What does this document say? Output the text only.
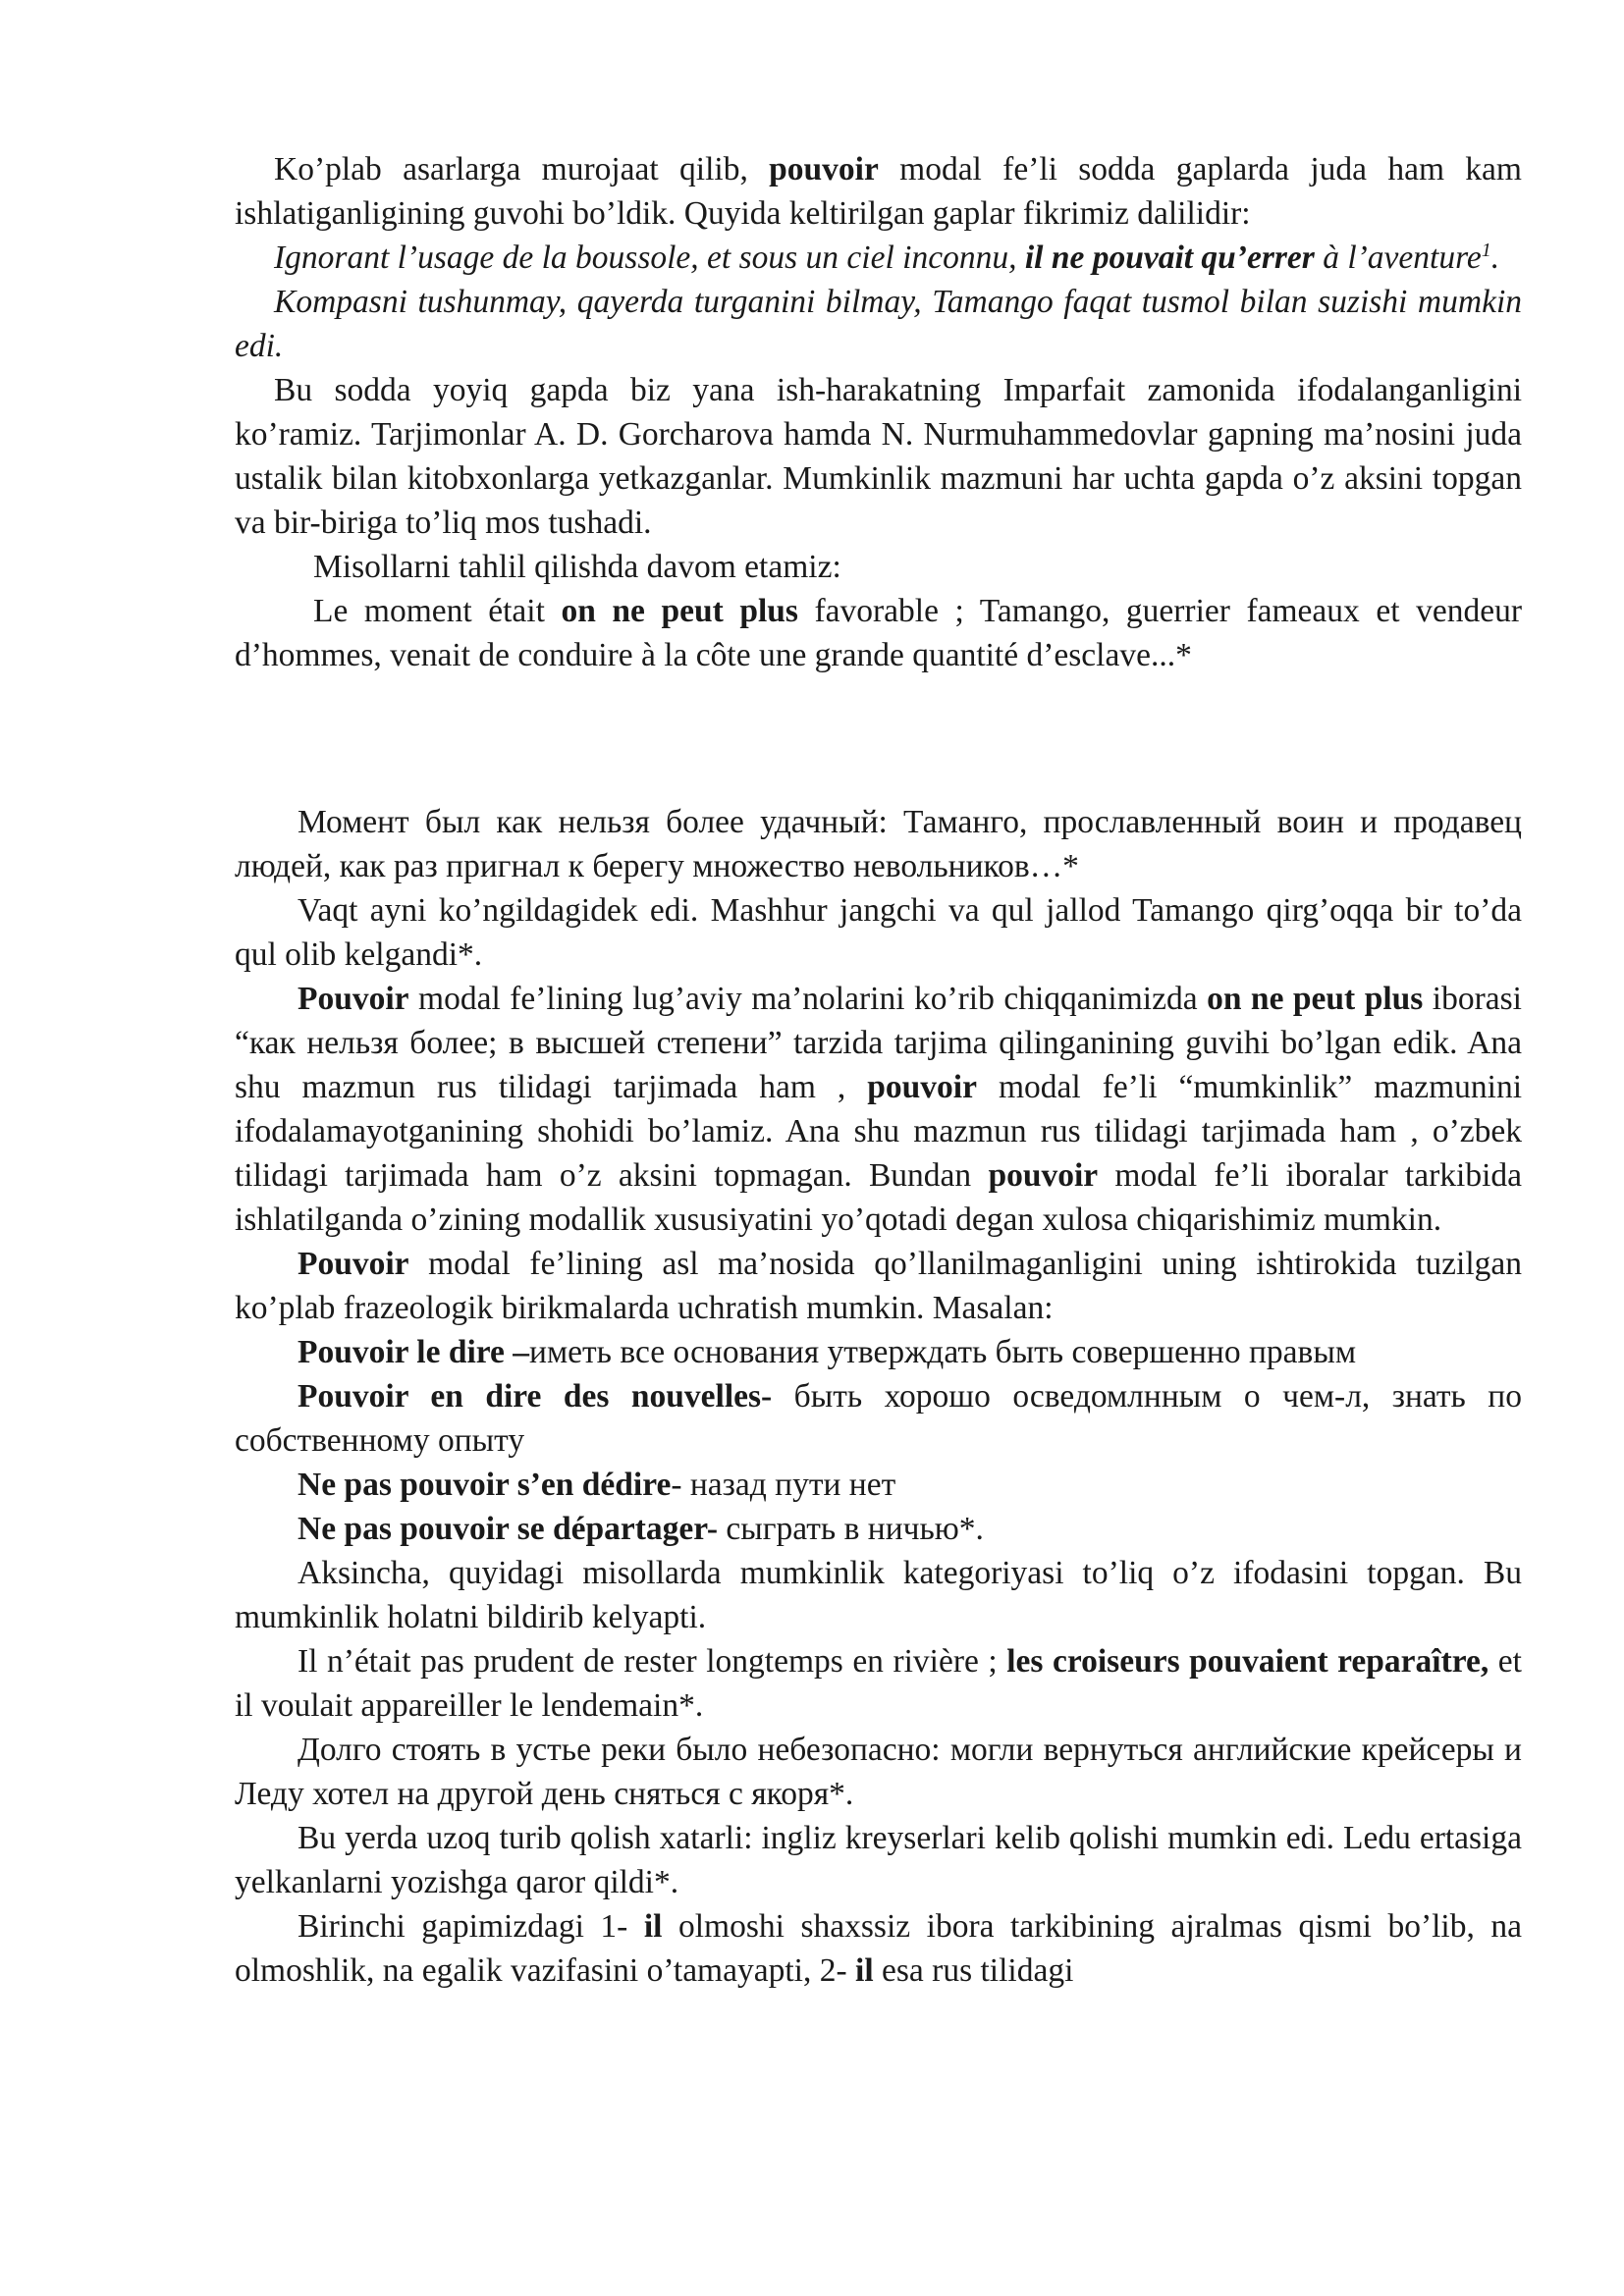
Ko’plab asarlarga murojaat qilib, pouvoir modal fe’li sodda gaplarda juda ham kam ishlatiganligining guvohi bo’ldik. Quyida keltirilgan gaplar fikrimiz dalilidir:

Ignorant l’usage de la boussole, et sous un ciel inconnu, il ne pouvait qu’errer à l’aventure$^1$.

Kompasni tushunmay, qayerda turganini bilmay, Tamango faqat tusmol bilan suzishi mumkin edi.

Bu sodda yoyiq gapda biz yana ish-harakatning Imparfait zamonida ifodalanganligini ko’ramiz. Tarjimonlar A. D. Gorcharova hamda N. Nurmuhammedovlar gapning ma’nosini juda ustalik bilan kitobxonlarga yetkazganlar. Mumkinlik mazmuni har uchta gapda o’z aksini topgan va bir-biriga to’liq mos tushadi.

Misollarni tahlil qilishda davom etamiz:

Le moment était on ne peut plus favorable ; Tamango, guerrier fameaux et vendeur d’hommes, venait de conduire à la côte une grande quantité d’esclave...*

Момент был как нельзя более удачный: Таманго, прославленный воин и продавец людей, как раз пригнал к берегу множество невольников…*

Vaqt ayni ko’ngildagidek edi. Mashhur jangchi va qul jallod Tamango qirg’oqqa bir to’da qul olib kelgandi*.

Pouvoir modal fe’lining lug’aviy ma’nolarini ko’rib chiqqanimizda on ne peut plus iborasi “как нельзя более; в высшей степени” tarzida tarjima qilinganining guvihi bo’lgan edik. Ana shu mazmun rus tilidagi tarjimada ham , pouvoir modal fe’li “mumkinlik” mazmunini ifodalamayotganining shohidi bo’lamiz. Ana shu mazmun rus tilidagi tarjimada ham , o’zbek tilidagi tarjimada ham o’z aksini topmagan. Bundan pouvoir modal fe’li iboralar tarkibida ishlatilganda o’zining modallik xususiyatini yo’qotadi degan xulosa chiqarishimiz mumkin.

Pouvoir modal fe’lining asl ma’nosida qo’llanilmaganligini uning ishtirokida tuzilgan ko’plab frazeologik birikmalarda uchratish mumkin. Masalan:

Pouvoir le dire –иметь все основания утверждать быть совершенно правым

Pouvoir en dire des nouvelles- быть хорошо осведомлнным о чем-л, знать по собственному опыту

Ne pas pouvoir s’en dédire- назад пути нет

Ne pas pouvoir se départager- сыграть в ничью*.

Aksincha, quyidagi misollarda mumkinlik kategoriyasi to’liq o’z ifodasini topgan. Bu mumkinlik holatni bildirib kelyapti.

Il n’était pas prudent de rester longtemps en rivière ; les croiseurs pouvaient reparaître, et il voulait appareiller le lendemain*.

Долго стоять в устье реки было небезопасно: могли вернуться английские крейсеры и Леду хотел на другой день сняться с якоря*.

Bu yerda uzoq turib qolish xatarli: ingliz kreyserlari kelib qolishi mumkin edi. Ledu ertasiga yelkanlarni yozishga qaror qildi*.

Birinchi gapimizdagi 1- il olmoshi shaxssiz ibora tarkibining ajralmas qismi bo’lib, na olmoshlik, na egalik vazifasini o’tamayapti, 2- il esa rus tilidagi
